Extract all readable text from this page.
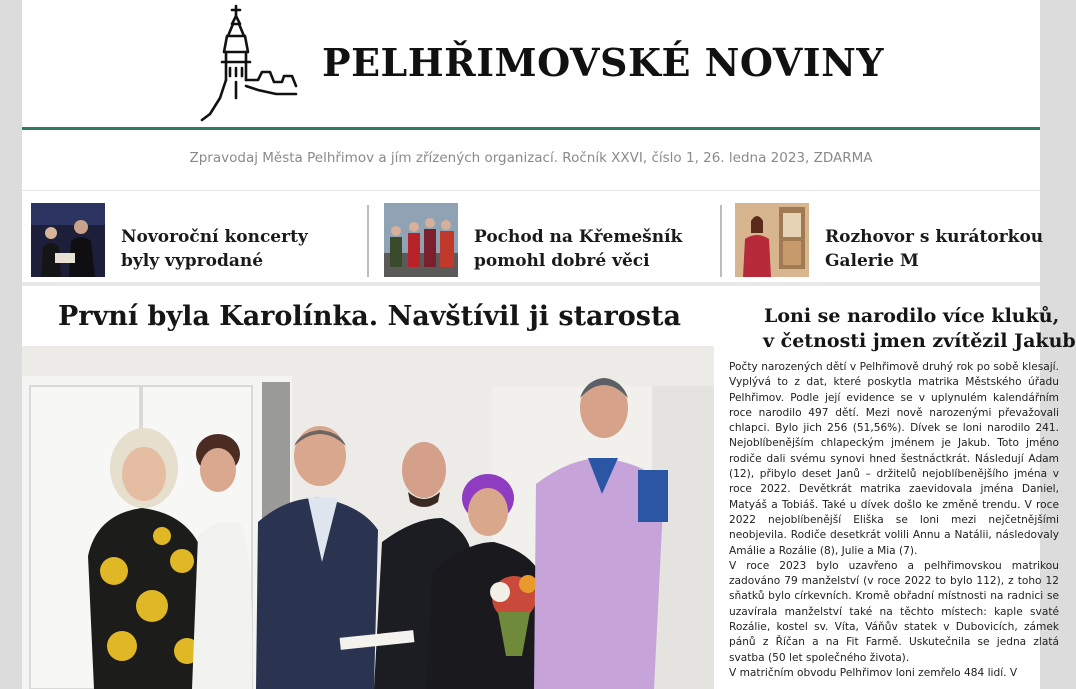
PELHŘIMOVSKÉ NOVINY
Zpravodaj Města Pelhřimov a jím zřízených organizací. Ročník XXVI, číslo 1, 26. ledna 2023, ZDARMA
Novoroční koncerty
byly vyprodané
Pochod na Křemešník
pomohl dobré věci
Rozhovor s kurátorkou
Galerie M
První byla Karolínka. Navštívil ji starosta	Loni se narodilo více kluků,
v četnosti jmen zvítězil Jakub

Počty narozených dětí v Pelhřimově druhý rok po sobě klesají. Vyplývá to z dat, které poskytla matrika Městského úřadu Pelhřimov. Podle její evidence se v uplynulém kalendářním roce narodilo 497 dětí. Mezi nově narozenými převažovali chlapci. Bylo jich 256 (51,56%). Dívek se loni narodilo 241. Nejoblíbenějším chlapeckým jménem je Jakub. Toto jméno rodiče dali svému synovi hned šestnáctkrát. Následují Adam (12), přibylo deset Janů – držitelů nejoblíbenějšího jména v roce 2022. Devětkrát matrika zaevidovala jména Daniel, Matyáš a Tobiáš. Také u dívek došlo ke změně trendu. V roce 2022 nejoblíbenější Eliška se loni mezi nejčetnějšími neobjevila. Rodiče desetkrát volili Annu a Natálii, následovaly Amálie a Rozálie (8), Julie a Mia (7).

V roce 2023 bylo uzavřeno a pelhřimovskou matrikou zadováno 79 manželství (v roce 2022 to bylo 112), z toho 12 sňatků bylo církevních. Kromě obřadní místnosti na radnici se uzavírala manželství také na těchto místech: kaple svaté Rozálie, kostel sv. Víta, Váňův statek v Dubovicích, zámek pánů z Říčan a na Fit Farmě. Uskutečnila se jedna zlatá svatba (50 let společného života).

V matričním obvodu Pelhřimov loni zemřelo 484 lidí. V
